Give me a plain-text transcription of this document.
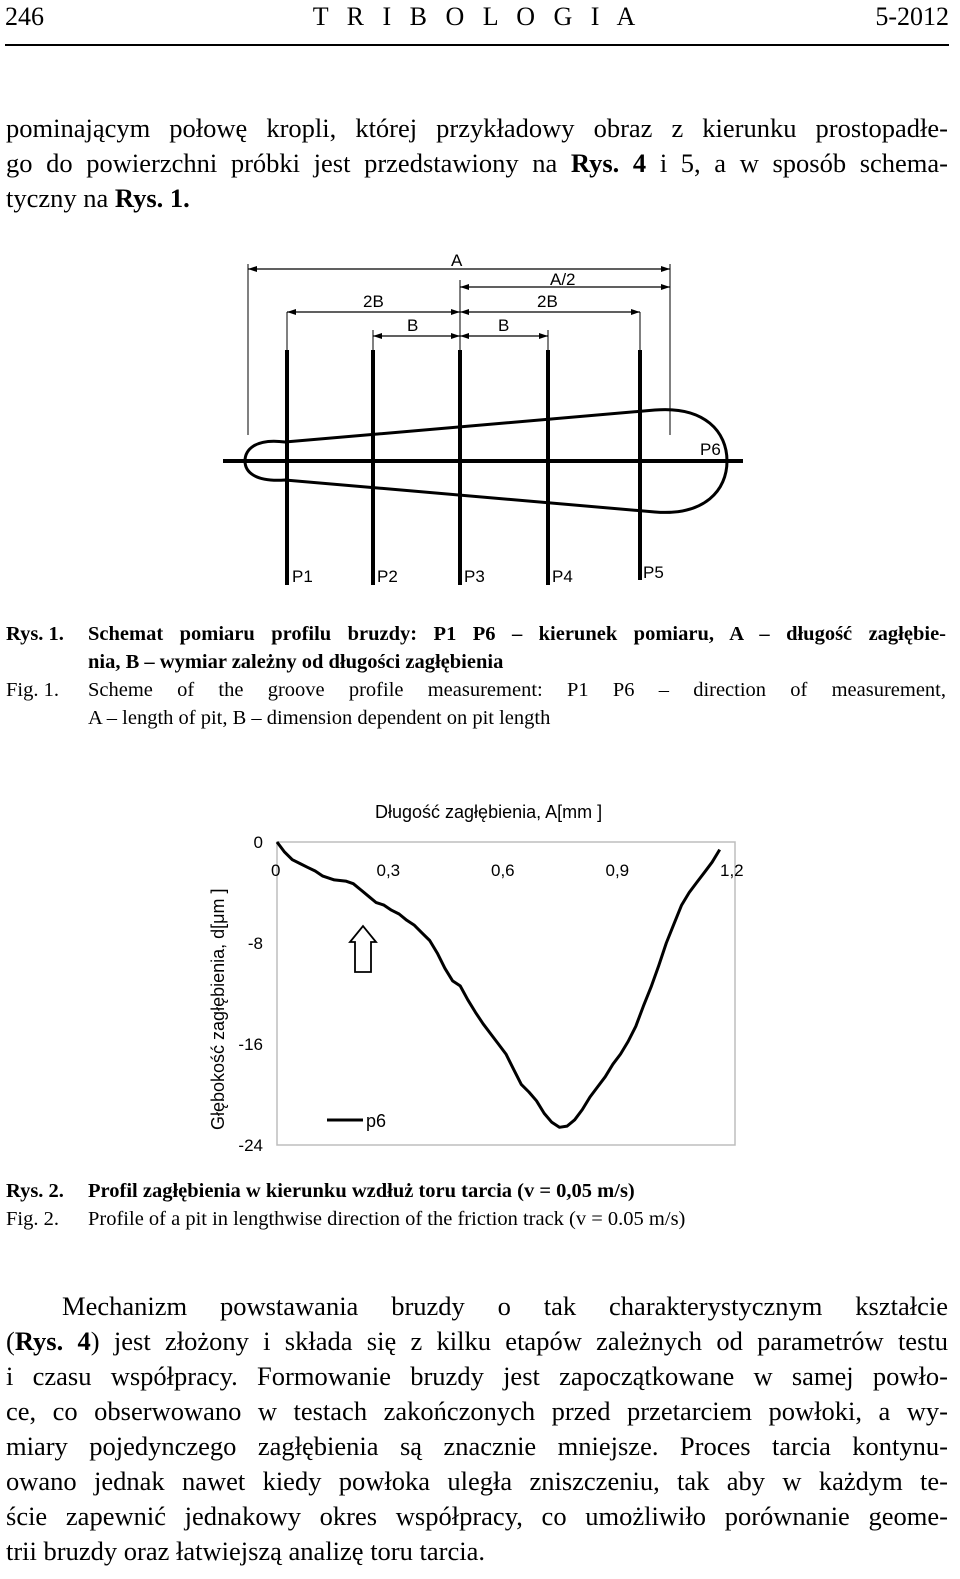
246	T R I B O L O G I A	5-2012
pominającym połowę kropli, której przykładowy obraz z kierunku prostopadłe-
go do powierzchni próbki jest przedstawiony na Rys. 4 i 5, a w sposób schema-
tyczny na Rys. 1.
A
A/2
2B	2B
B	B
P1	P2	P3	P4	P5
P6
Rys. 1. Schemat pomiaru profilu bruzdy: P1 P6 – kierunek pomiaru, A – długość zagłębie-
nia, B – wymiar zależny od długości zagłębienia
Fig. 1. Scheme of the groove profile measurement: P1 P6 – direction of measurement,
A – length of pit, B – dimension dependent on pit length
Długość zagłębienia, A[mm ]
Głębokość zagłębienia, d[μm ]
0	0,3	0,6	0,9	1,2
0
-8
-16
-24
p6
Rys. 2. Profil zagłębienia w kierunku wzdłuż toru tarcia (v = 0,05 m/s)
Fig. 2. Profile of a pit in lengthwise direction of the friction track (v = 0.05 m/s)
Mechanizm powstawania bruzdy o tak charakterystycznym kształcie
(Rys. 4) jest złożony i składa się z kilku etapów zależnych od parametrów testu
i czasu współpracy. Formowanie bruzdy jest zapoczątkowane w samej powło-
ce, co obserwowano w testach zakończonych przed przetarciem powłoki, a wy-
miary pojedynczego zagłębienia są znacznie mniejsze. Proces tarcia kontynu-
owano jednak nawet kiedy powłoka uległa zniszczeniu, tak aby w każdym te-
ście zapewnić jednakowy okres współpracy, co umożliwiło porównanie geome-
trii bruzdy oraz łatwiejszą analizę toru tarcia.
